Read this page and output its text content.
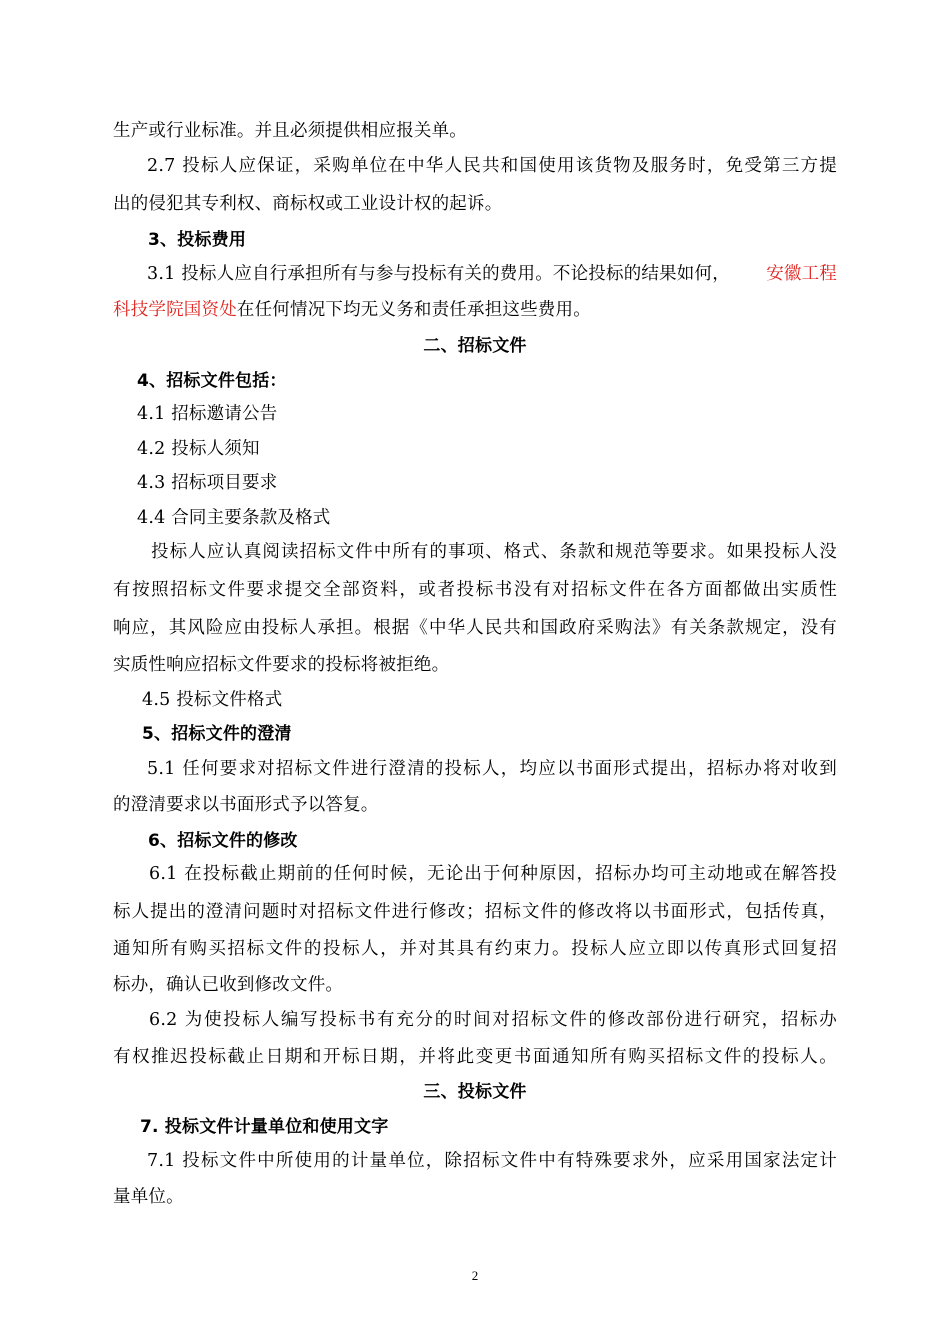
生产或行业标准。并且必须提供相应报关单。
2.7 投标人应保证，采购单位在中华人民共和国使用该货物及服务时，免受第三方提
出的侵犯其专利权、商标权或工业设计权的起诉。
3、投标费用
3.1 投标人应自行承担所有与参与投标有关的费用。不论投标的结果如何， 安徽工程
科技学院国资处在任何情况下均无义务和责任承担这些费用。
二、招标文件
4、招标文件包括：
4.1 招标邀请公告
4.2 投标人须知
4.3 招标项目要求
4.4 合同主要条款及格式
投标人应认真阅读招标文件中所有的事项、格式、条款和规范等要求。如果投标人没
有按照招标文件要求提交全部资料，或者投标书没有对招标文件在各方面都做出实质性
响应，其风险应由投标人承担。根据《中华人民共和国政府采购法》有关条款规定，没有
实质性响应招标文件要求的投标将被拒绝。
4.5 投标文件格式
5、招标文件的澄清
5.1 任何要求对招标文件进行澄清的投标人，均应以书面形式提出，招标办将对收到
的澄清要求以书面形式予以答复。
6、招标文件的修改
6.1 在投标截止期前的任何时候，无论出于何种原因，招标办均可主动地或在解答投
标人提出的澄清问题时对招标文件进行修改；招标文件的修改将以书面形式，包括传真，
通知所有购买招标文件的投标人，并对其具有约束力。投标人应立即以传真形式回复招
标办，确认已收到修改文件。
6.2 为使投标人编写投标书有充分的时间对招标文件的修改部份进行研究，招标办
有权推迟投标截止日期和开标日期，并将此变更书面通知所有购买招标文件的投标人。
三、投标文件
7. 投标文件计量单位和使用文字
7.1 投标文件中所使用的计量单位，除招标文件中有特殊要求外，应采用国家法定计
量单位。
2
